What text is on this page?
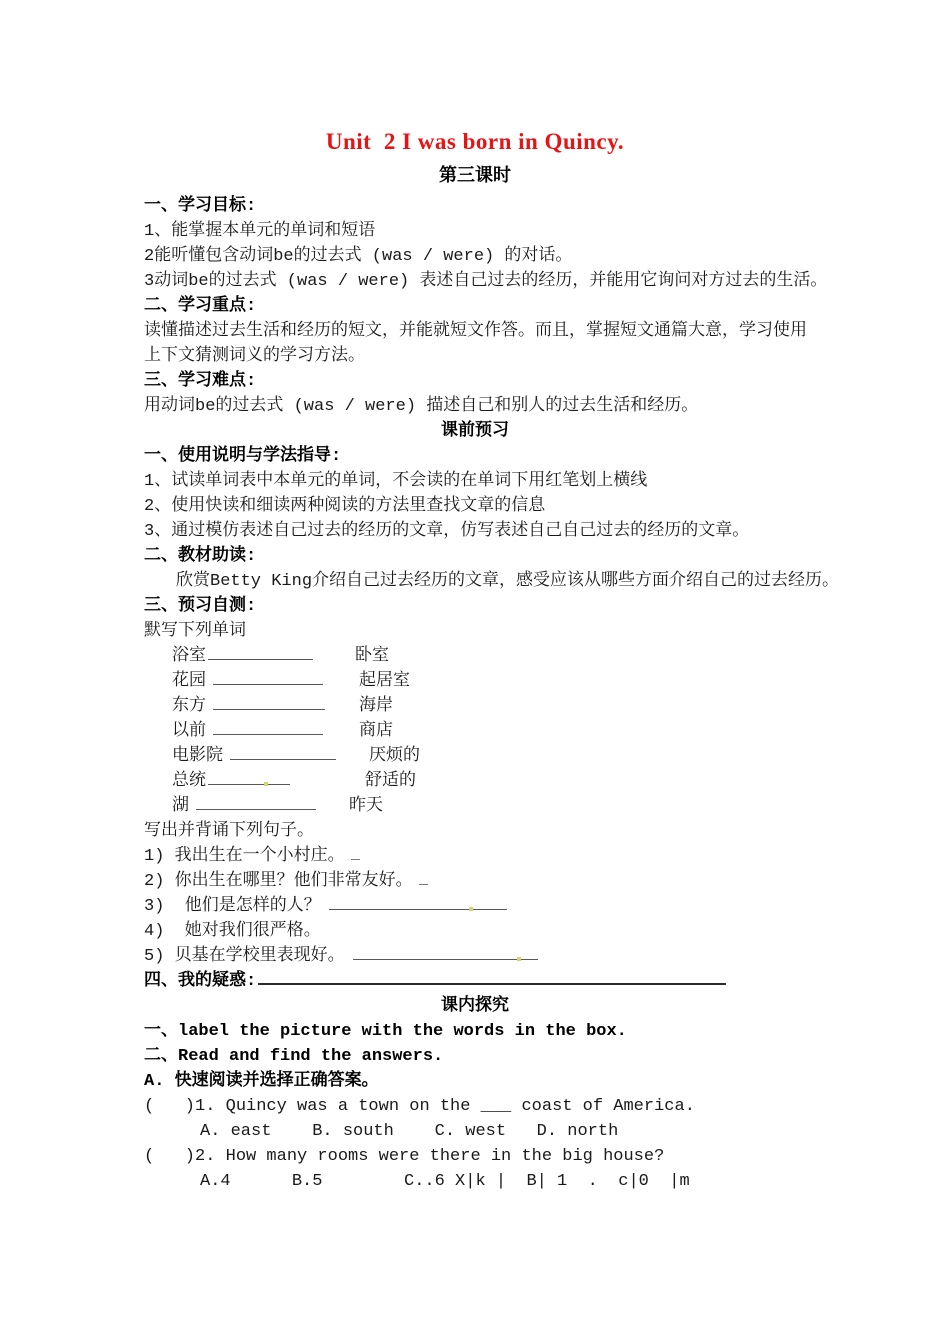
Unit  2 I was born in Quincy.
第三课时
一、学习目标:
1、能掌握本单元的单词和短语
2能听懂包含动词be的过去式 (was / were) 的对话。
3动词be的过去式 (was / were) 表述自己过去的经历，并能用它询问对方过去的生活。
二、学习重点:
读懂描述过去生活和经历的短文，并能就短文作答。而且，掌握短文通篇大意，学习使用
上下文猜测词义的学习方法。
三、学习难点:
用动词be的过去式 (was / were) 描述自己和别人的过去生活和经历。
课前预习
一、使用说明与学法指导:
1、试读单词表中本单元的单词，不会读的在单词下用红笔划上横线
2、使用快读和细读两种阅读的方法里查找文章的信息
3、通过模仿表述自己过去的经历的文章，仿写表述自己自己过去的经历的文章。
二、教材助读:
欣赏Betty King介绍自己过去经历的文章，感受应该从哪些方面介绍自己的过去经历。
三、预习自测:
默写下列单词
浴室	卧室
花园	起居室
东方	海岸
以前	商店
电影院	厌烦的
总统	舒适的
湖	昨天
写出并背诵下列句子。
1) 我出生在一个小村庄。
2) 你出生在哪里？他们非常友好。
3)  他们是怎样的人？
4)  她对我们很严格。
5) 贝基在学校里表现好。
四、我的疑惑:
课内探究
一、label the picture with the words in the box.
二、Read and find the answers.
A. 快速阅读并选择正确答案。
(   )1. Quincy was a town on the ___ coast of America.
A. east    B. south    C. west   D. north
(   )2. How many rooms were there in the big house?
A.4      B.5        C..6 X|k |  B| 1  .  c|0  |m
